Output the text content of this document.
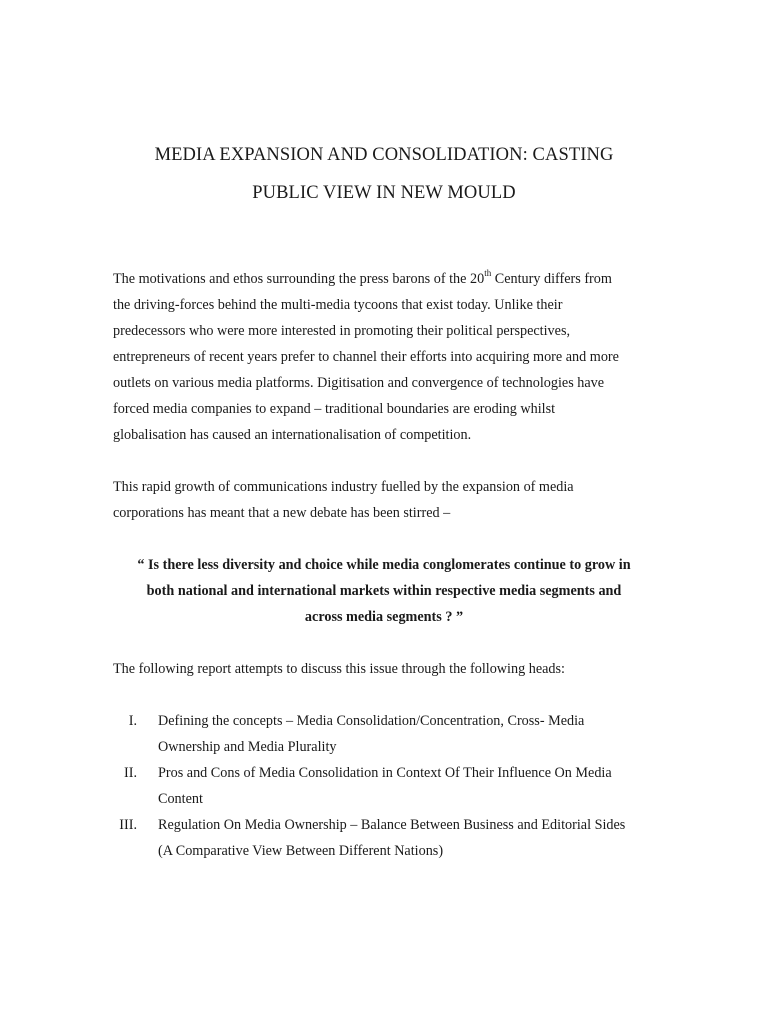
MEDIA EXPANSION AND CONSOLIDATION: CASTING
PUBLIC VIEW IN NEW MOULD

The motivations and ethos surrounding the press barons of the 20th Century differs from
the driving-forces behind the multi-media tycoons that exist today. Unlike their
predecessors who were more interested in promoting their political perspectives,
entrepreneurs of recent years prefer to channel their efforts into acquiring more and more
outlets on various media platforms. Digitisation and convergence of technologies have
forced media companies to expand – traditional boundaries are eroding whilst
globalisation has caused an internationalisation of competition.

This rapid growth of communications industry fuelled by the expansion of media
corporations has meant that a new debate has been stirred –

“ Is there less diversity and choice while media conglomerates continue to grow in
both national and international markets within respective media segments and
across media segments ? ”

The following report attempts to discuss this issue through the following heads:

I. Defining the concepts – Media Consolidation/Concentration, Cross- Media
Ownership and Media Plurality
II. Pros and Cons of Media Consolidation in Context Of Their Influence On Media
Content
III. Regulation On Media Ownership – Balance Between Business and Editorial Sides
(A Comparative View Between Different Nations)
